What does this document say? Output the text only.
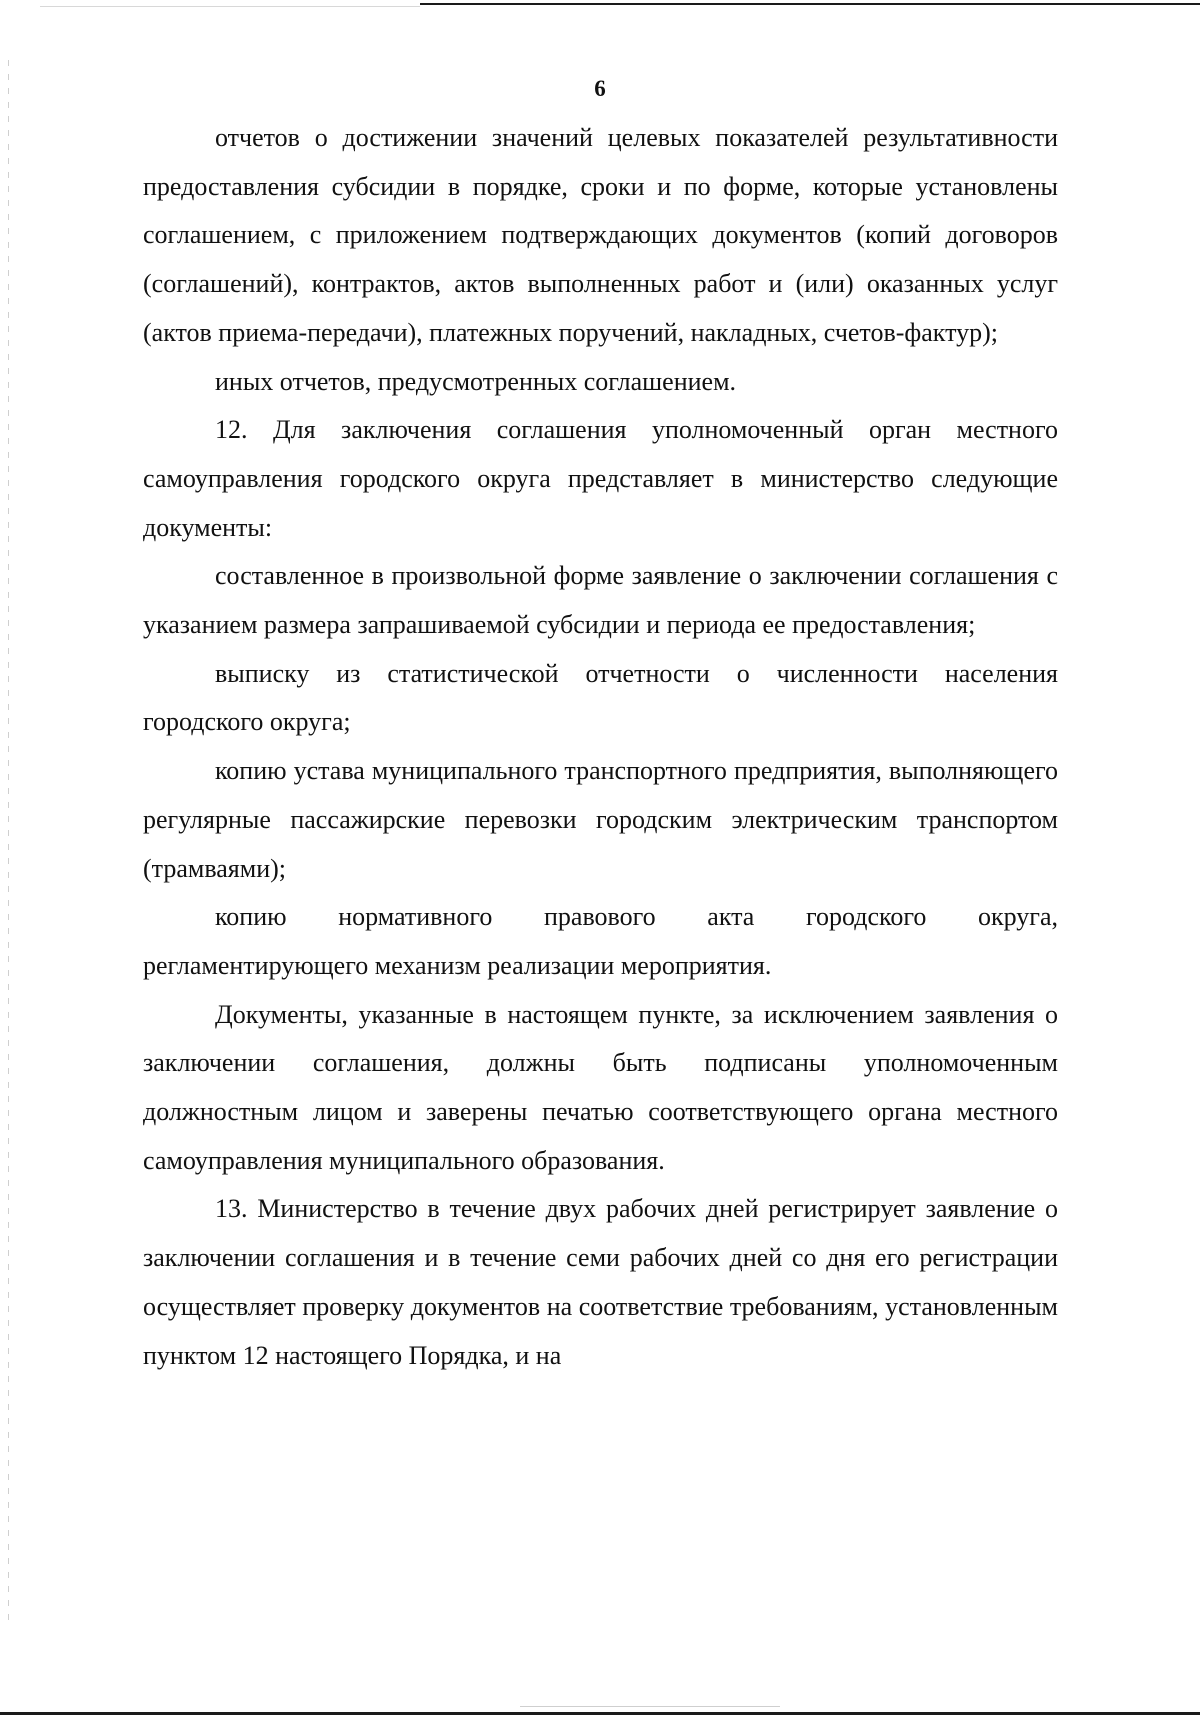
6

отчетов о достижении значений целевых показателей результативности предоставления субсидии в порядке, сроки и по форме, которые установлены соглашением, с приложением подтверждающих документов (копий договоров (соглашений), контрактов, актов выполненных работ и (или) оказанных услуг (актов приема-передачи), платежных поручений, накладных, счетов-фактур);

иных отчетов, предусмотренных соглашением.

12. Для заключения соглашения уполномоченный орган местного самоуправления городского округа представляет в министерство следующие документы:

составленное в произвольной форме заявление о заключении соглашения с указанием размера запрашиваемой субсидии и периода ее предоставления;

выписку из статистической отчетности о численности населения городского округа;

копию устава муниципального транспортного предприятия, выполняющего регулярные пассажирские перевозки городским электрическим транспортом (трамваями);

копию нормативного правового акта городского округа, регламентирующего механизм реализации мероприятия.

Документы, указанные в настоящем пункте, за исключением заявления о заключении соглашения, должны быть подписаны уполномоченным должностным лицом и заверены печатью соответствующего органа местного самоуправления муниципального образования.

13. Министерство в течение двух рабочих дней регистрирует заявление о заключении соглашения и в течение семи рабочих дней со дня его регистрации осуществляет проверку документов на соответствие требованиям, установленным пунктом 12 настоящего Порядка, и на
